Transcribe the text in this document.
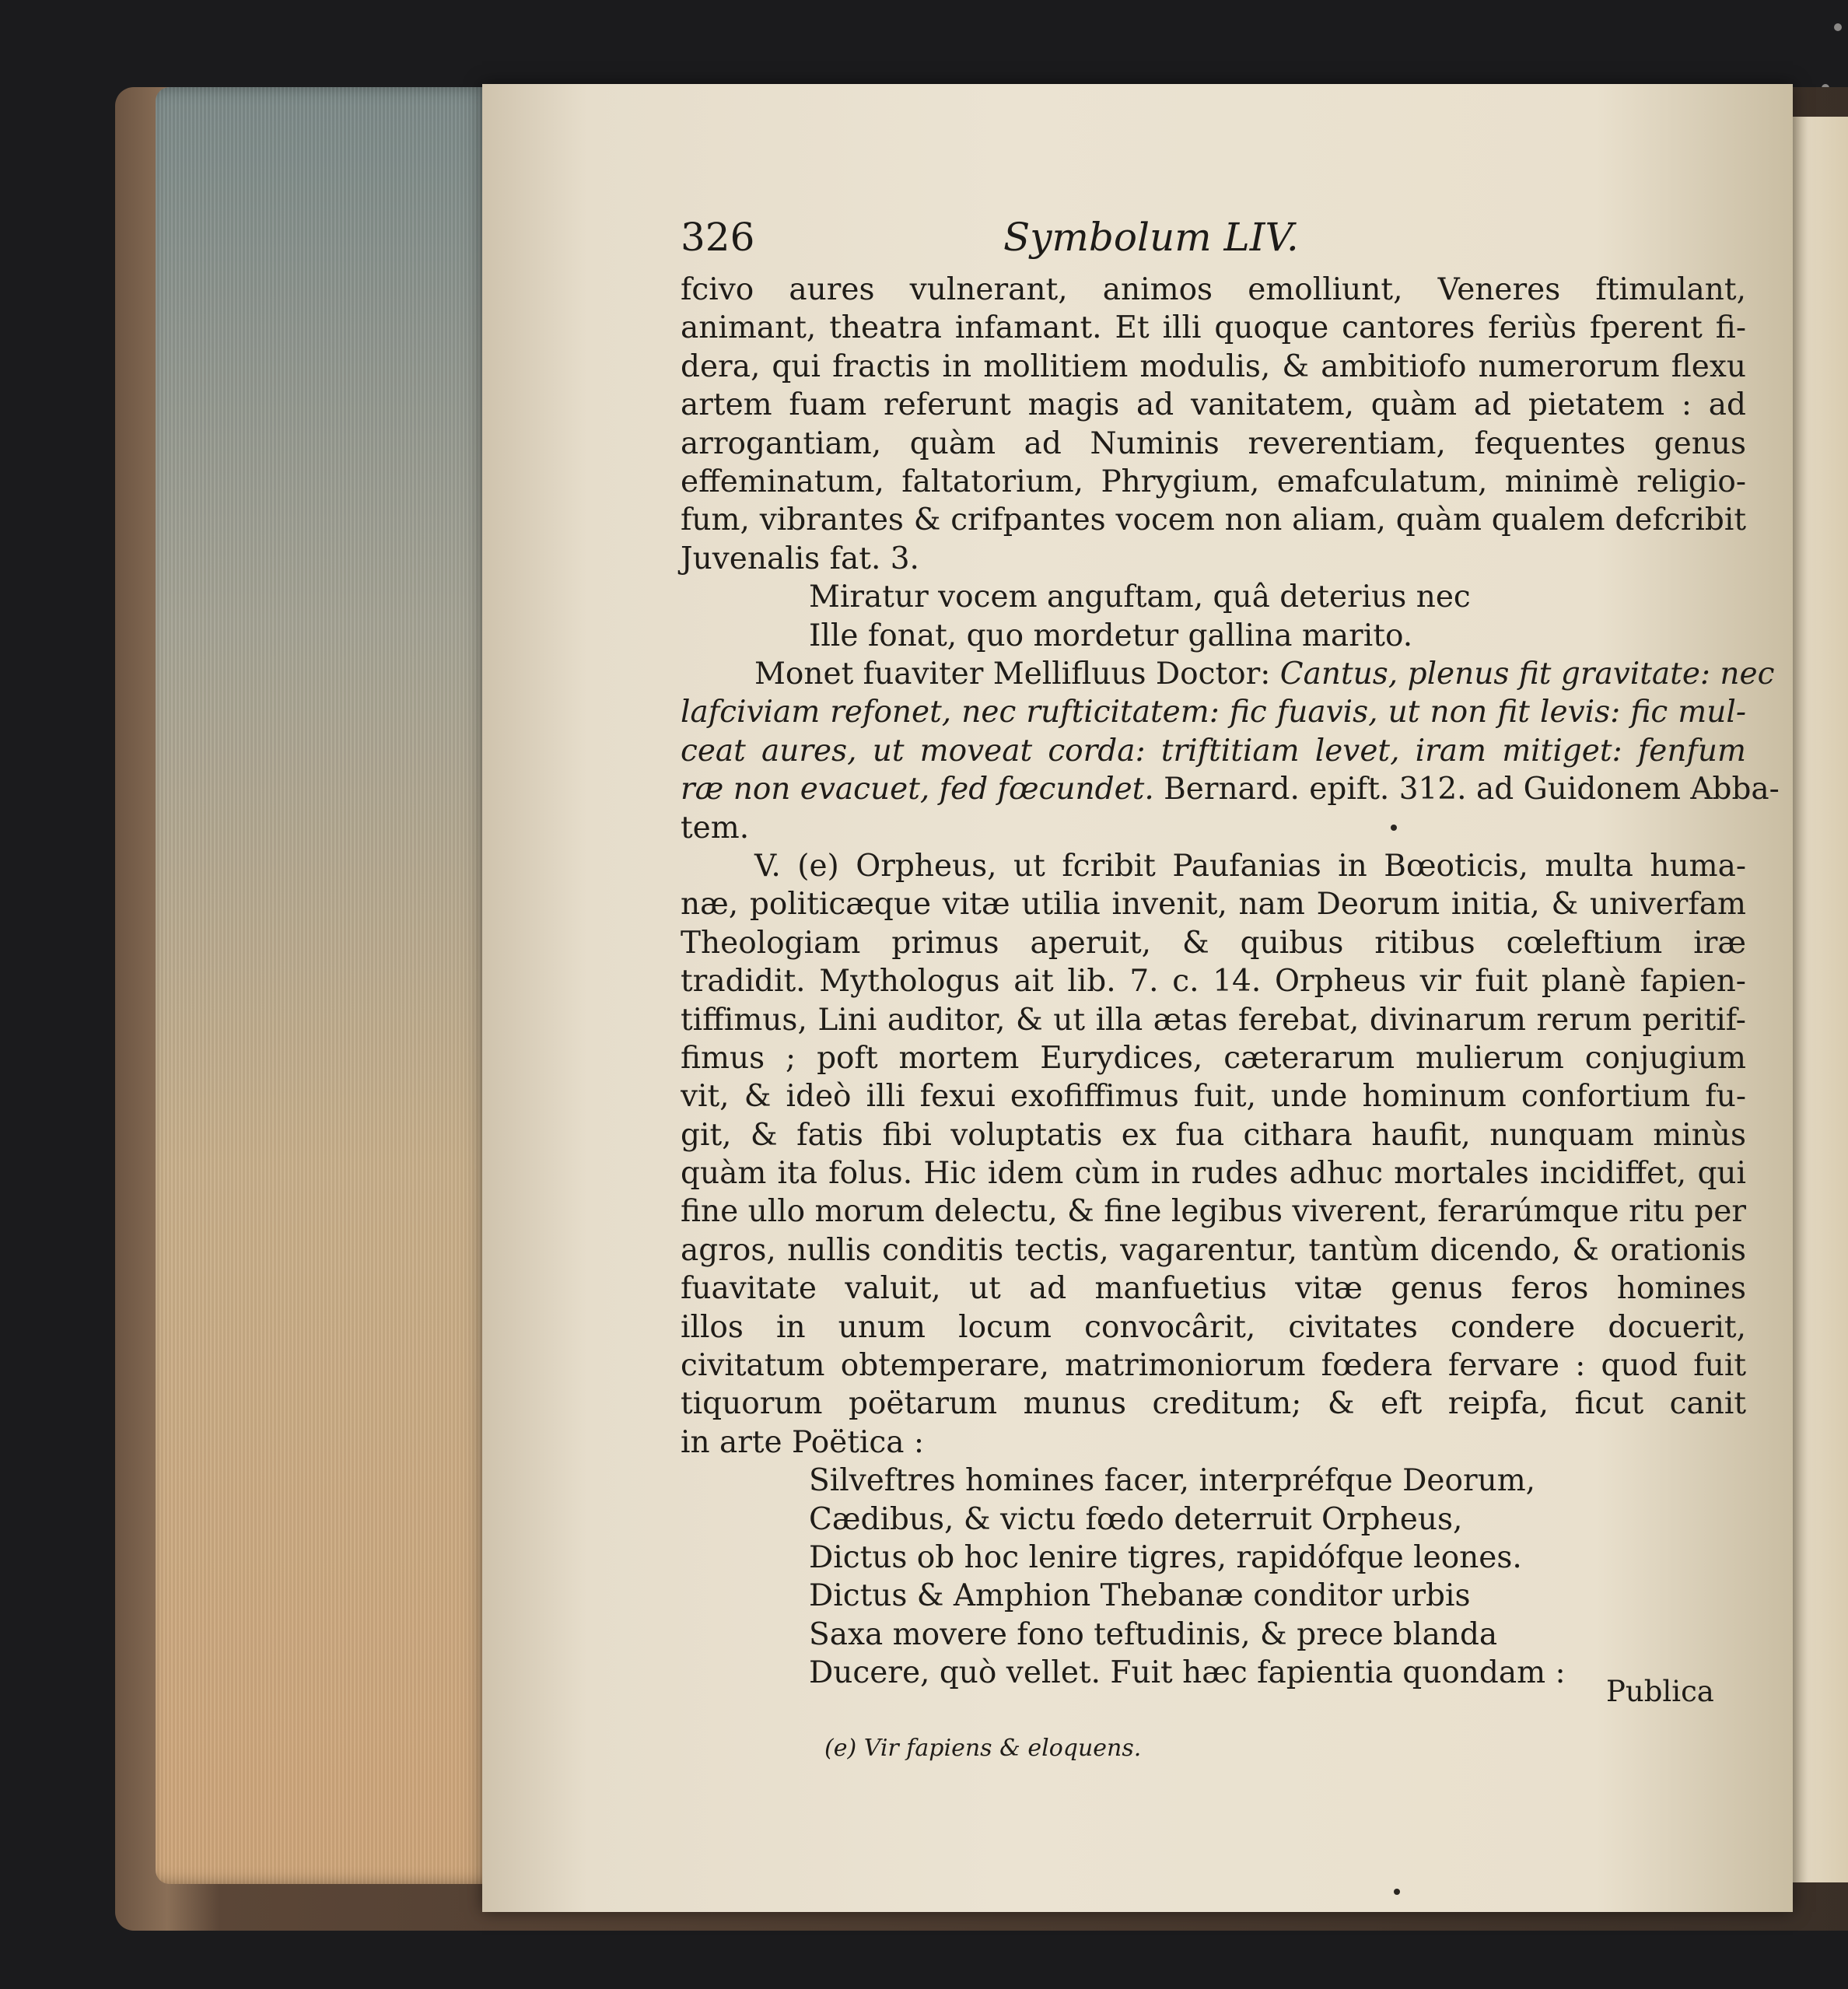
326	Symbolum LIV.
fcivo aures vulnerant, animos emolliunt, Veneres ftimulant,
animant, theatra infamant. Et illi quoque cantores feriùs fperent fi-
dera, qui fractis in mollitiem modulis, & ambitiofo numerorum flexu
artem fuam referunt magis ad vanitatem, quàm ad pietatem : ad
arrogantiam, quàm ad Numinis reverentiam, fequentes genus
effeminatum, faltatorium, Phrygium, emafculatum, minimè religio-
fum, vibrantes & crifpantes vocem non aliam, quàm qualem defcribit
Juvenalis fat. 3.
Miratur vocem anguftam, quâ deterius nec
Ille fonat, quo mordetur gallina marito.
Monet fuaviter Mellifluus Doctor: Cantus, plenus fit gravitate: nec
lafciviam refonet, nec rufticitatem: fic fuavis, ut non fit levis: fic mul-
ceat aures, ut moveat corda: triftitiam levet, iram mitiget: fenfum
ræ non evacuet, fed fœcundet. Bernard. epift. 312. ad Guidonem Abba-
tem.
V. (e) Orpheus, ut fcribit Paufanias in Bœoticis, multa huma-
næ, politicæque vitæ utilia invenit, nam Deorum initia, & univerfam
Theologiam primus aperuit, & quibus ritibus cœleftium iræ
tradidit. Mythologus ait lib. 7. c. 14. Orpheus vir fuit planè fapien-
tiffimus, Lini auditor, & ut illa ætas ferebat, divinarum rerum peritif-
fimus ; poft mortem Eurydices, cæterarum mulierum conjugium
vit, & ideò illi fexui exofiffimus fuit, unde hominum confortium fu-
git, & fatis fibi voluptatis ex fua cithara haufit, nunquam minùs
quàm ita folus. Hic idem cùm in rudes adhuc mortales incidiffet, qui
fine ullo morum delectu, & fine legibus viverent, ferarúmque ritu per
agros, nullis conditis tectis, vagarentur, tantùm dicendo, & orationis
fuavitate valuit, ut ad manfuetius vitæ genus feros homines
illos in unum locum convocârit, civitates condere docuerit,
civitatum obtemperare, matrimoniorum fœdera fervare : quod fuit
tiquorum poëtarum munus creditum; & eft reipfa, ficut canit
in arte Poëtica :
Silveftres homines facer, interpréfque Deorum,
Cædibus, & victu fœdo deterruit Orpheus,
Dictus ob hoc lenire tigres, rapidófque leones.
Dictus & Amphion Thebanæ conditor urbis
Saxa movere fono teftudinis, & prece blanda
Ducere, quò vellet. Fuit hæc fapientia quondam :
Publica
(e) Vir fapiens & eloquens.
